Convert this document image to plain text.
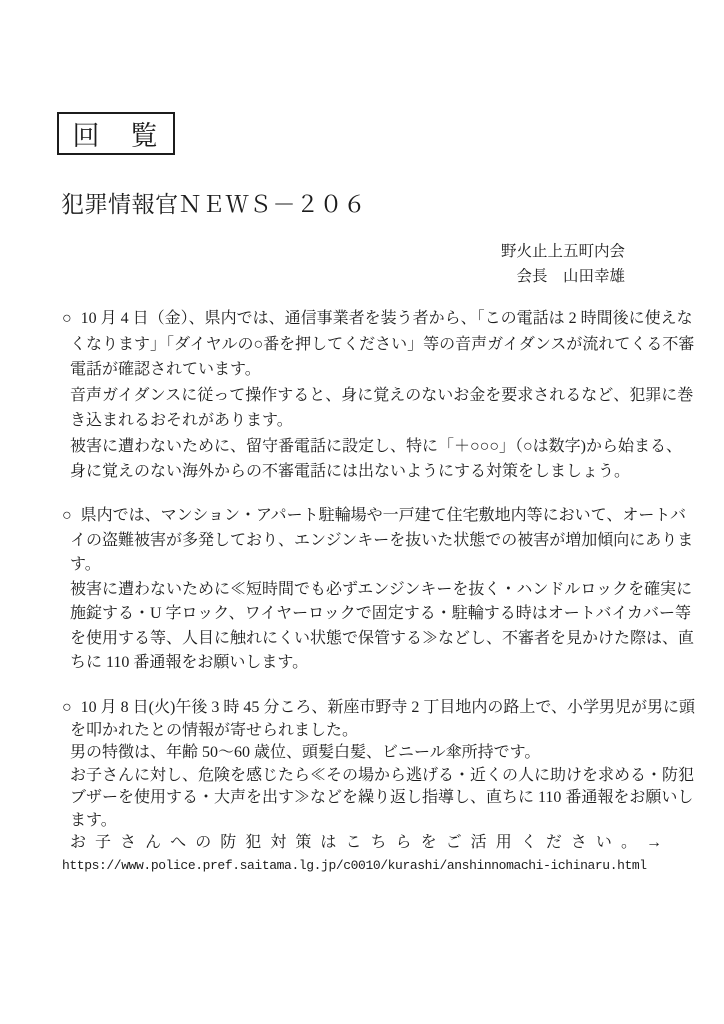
回　覧
犯罪情報官ＮＥＷＳ－２０６
野火止上五町内会
会長　山田幸雄
○ 10 月 4 日（金）、県内では、通信事業者を装う者から、「この電話は 2 時間後に使えな
くなります」「ダイヤルの○番を押してください」等の音声ガイダンスが流れてくる不審
電話が確認されています。
音声ガイダンスに従って操作すると、身に覚えのないお金を要求されるなど、犯罪に巻
き込まれるおそれがあります。
被害に遭わないために、留守番電話に設定し、特に「＋○○○」（○は数字)から始まる、
身に覚えのない海外からの不審電話には出ないようにする対策をしましょう。
○ 県内では、マンション・アパート駐輪場や一戸建て住宅敷地内等において、オートバ
イの盗難被害が多発しており、エンジンキーを抜いた状態での被害が増加傾向にありま
す。
被害に遭わないために≪短時間でも必ずエンジンキーを抜く・ハンドルロックを確実に
施錠する・U 字ロック、ワイヤーロックで固定する・駐輪する時はオートバイカバー等
を使用する等、人目に触れにくい状態で保管する≫などし、不審者を見かけた際は、直
ちに 110 番通報をお願いします。
○ 10 月 8 日(火)午後 3 時 45 分ころ、新座市野寺 2 丁目地内の路上で、小学男児が男に頭
を叩かれたとの情報が寄せられました。
男の特徴は、年齢 50～60 歳位、頭髪白髪、ビニール傘所持です。
お子さんに対し、危険を感じたら≪その場から逃げる・近くの人に助けを求める・防犯
ブザーを使用する・大声を出す≫などを繰り返し指導し、直ちに 110 番通報をお願いし
ます。
お 子 さ ん へ の 防 犯 対 策 は こ ち ら を ご 活 用 く だ さ い 。 →
https://www.police.pref.saitama.lg.jp/c0010/kurashi/anshinnomachi-ichinaru.html
